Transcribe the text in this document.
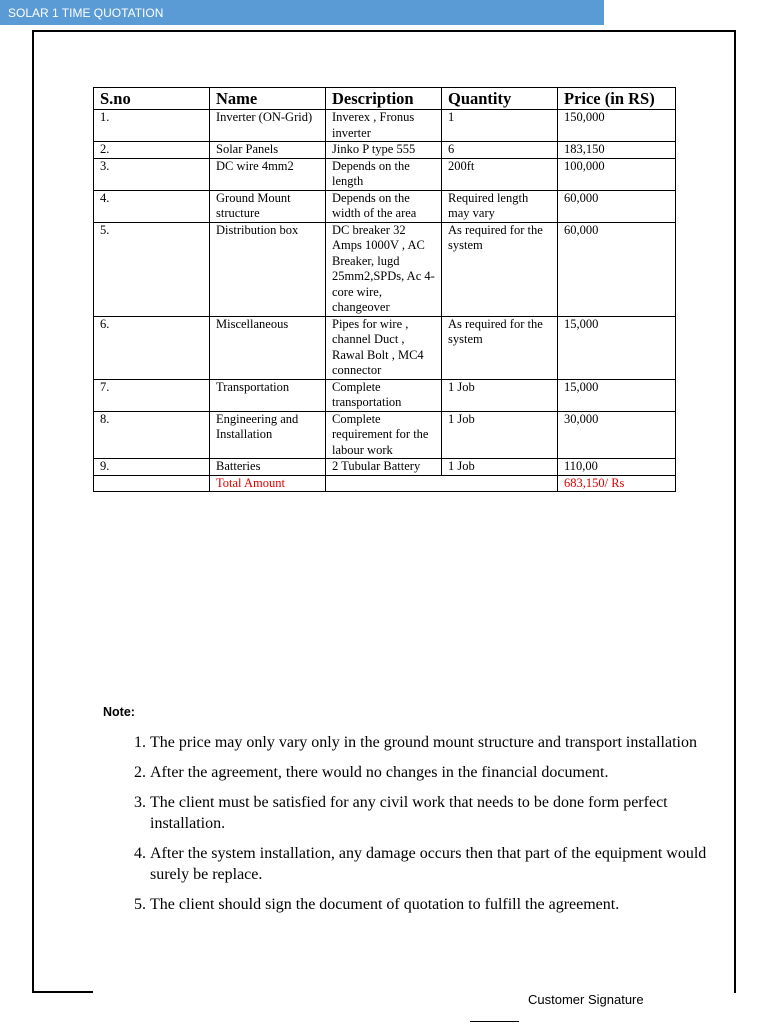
SOLAR 1 TIME QUOTATION
S.no	Name	Description	Quantity	Price (in RS)
1.	Inverter (ON-Grid)	Inverex , Fronus inverter	1	150,000
2.	Solar Panels	Jinko P type 555	6	183,150
3.	DC wire 4mm2	Depends on the length	200ft	100,000
4.	Ground Mount structure	Depends on the width of the area	Required length may vary	60,000
5.	Distribution box	DC breaker 32 Amps 1000V , AC Breaker, lugd 25mm2,SPDs, Ac 4-core wire, changeover	As required for the system	60,000
6.	Miscellaneous	Pipes for wire , channel Duct , Rawal Bolt , MC4 connector	As required for the system	15,000
7.	Transportation	Complete transportation	1 Job	15,000
8.	Engineering and Installation	Complete requirement for the labour work	1 Job	30,000
9.	Batteries	2 Tubular Battery	1 Job	110,00
	Total Amount			683,150/ Rs
Note:
1. The price may only vary only in the ground mount structure and transport installation
2. After the agreement, there would no changes in the financial document.
3. The client must be satisfied for any civil work that needs to be done form perfect installation.
4. After the system installation, any damage occurs then that part of the equipment would surely be replace.
5. The client should sign the document of quotation to fulfill the agreement.
Customer Signature
